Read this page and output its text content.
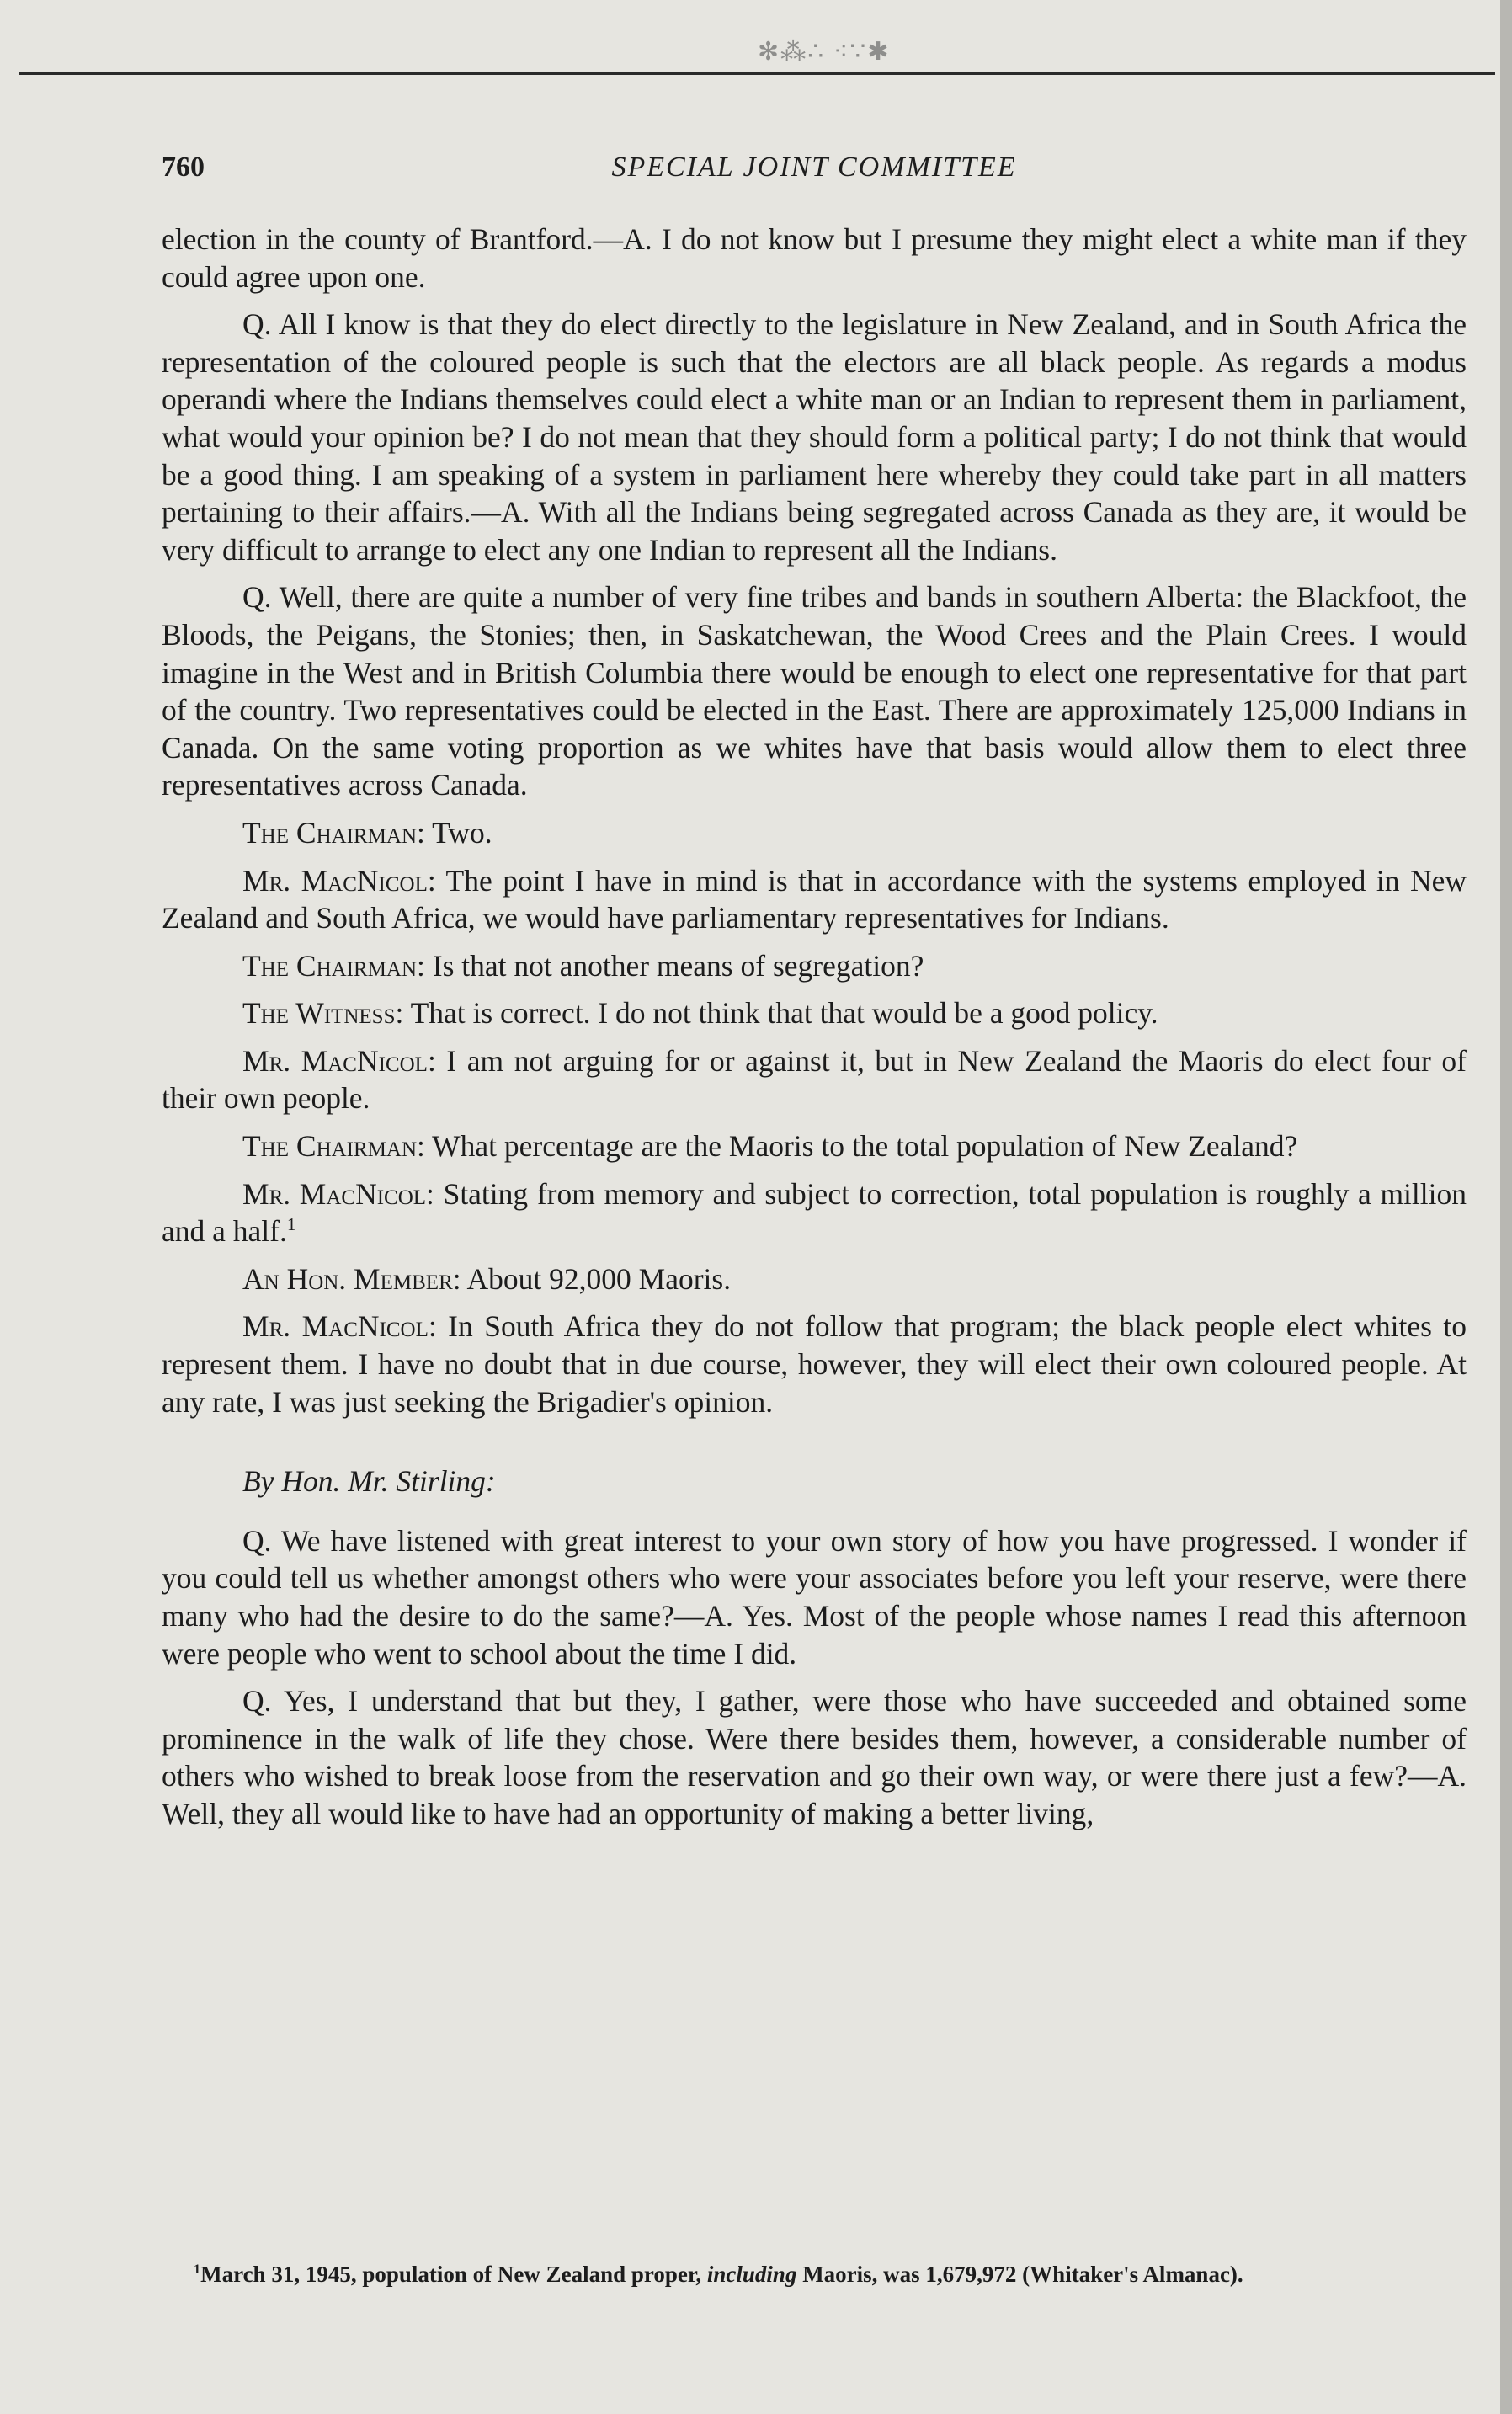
✻⁂∴ ⁖∵✱
760	SPECIAL JOINT COMMITTEE

election in the county of Brantford.—A. I do not know but I presume they might elect a white man if they could agree upon one.

Q. All I know is that they do elect directly to the legislature in New Zealand, and in South Africa the representation of the coloured people is such that the electors are all black people. As regards a modus operandi where the Indians themselves could elect a white man or an Indian to represent them in parliament, what would your opinion be? I do not mean that they should form a political party; I do not think that would be a good thing. I am speaking of a system in parliament here whereby they could take part in all matters pertaining to their affairs.—A. With all the Indians being segregated across Canada as they are, it would be very difficult to arrange to elect any one Indian to represent all the Indians.

Q. Well, there are quite a number of very fine tribes and bands in southern Alberta: the Blackfoot, the Bloods, the Peigans, the Stonies; then, in Saskatchewan, the Wood Crees and the Plain Crees. I would imagine in the West and in British Columbia there would be enough to elect one representative for that part of the country. Two representatives could be elected in the East. There are approximately 125,000 Indians in Canada. On the same voting proportion as we whites have that basis would allow them to elect three representatives across Canada.

The Chairman: Two.

Mr. MacNicol: The point I have in mind is that in accordance with the systems employed in New Zealand and South Africa, we would have parliamentary representatives for Indians.

The Chairman: Is that not another means of segregation?

The Witness: That is correct. I do not think that that would be a good policy.

Mr. MacNicol: I am not arguing for or against it, but in New Zealand the Maoris do elect four of their own people.

The Chairman: What percentage are the Maoris to the total population of New Zealand?

Mr. MacNicol: Stating from memory and subject to correction, total population is roughly a million and a half.$^1$

An Hon. Member: About 92,000 Maoris.

Mr. MacNicol: In South Africa they do not follow that program; the black people elect whites to represent them. I have no doubt that in due course, however, they will elect their own coloured people. At any rate, I was just seeking the Brigadier's opinion.

By Hon. Mr. Stirling:

Q. We have listened with great interest to your own story of how you have progressed. I wonder if you could tell us whether amongst others who were your associates before you left your reserve, were there many who had the desire to do the same?—A. Yes. Most of the people whose names I read this afternoon were people who went to school about the time I did.

Q. Yes, I understand that but they, I gather, were those who have succeeded and obtained some prominence in the walk of life they chose. Were there besides them, however, a considerable number of others who wished to break loose from the reservation and go their own way, or were there just a few?—A. Well, they all would like to have had an opportunity of making a better living,

$^1$March 31, 1945, population of New Zealand proper, including Maoris, was 1,679,972 (Whitaker's Almanac).
